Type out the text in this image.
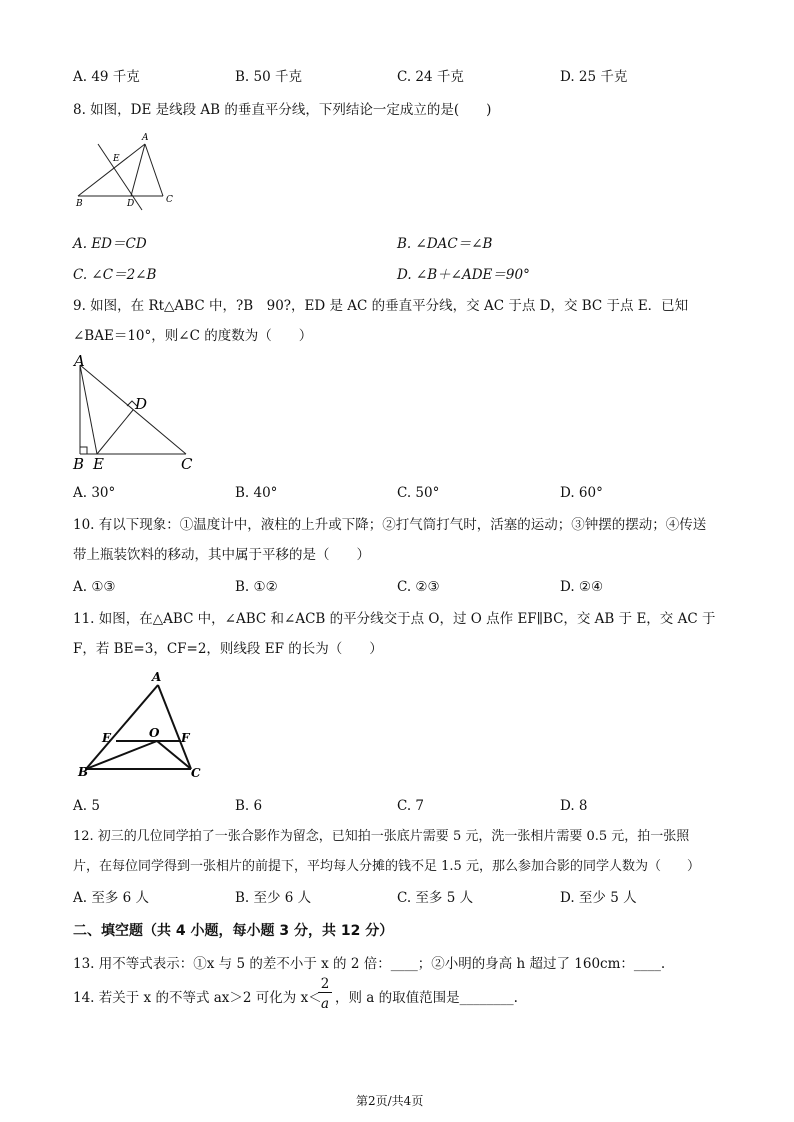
A. 49 千克	B. 50 千克	C. 24 千克	D. 25 千克
8. 如图，DE 是线段 AB 的垂直平分线，下列结论一定成立的是(　　)
A
B	C
D
E
A. ED＝CD	B. ∠DAC＝∠B
C. ∠C＝2∠B	D. ∠B＋∠ADE＝90°
9. 如图，在 Rt△ABC 中，?B　90?，ED 是 AC 的垂直平分线，交 AC 于点 D，交 BC 于点 E．已知
∠BAE＝10°，则∠C 的度数为（　　）
A
B E	C
D
A. 30°	B. 40°	C. 50°	D. 60°
10. 有以下现象：①温度计中，液柱的上升或下降；②打气筒打气时，活塞的运动；③钟摆的摆动；④传送
带上瓶装饮料的移动，其中属于平移的是（　　）
A. ①③	B. ①②	C. ②③	D. ②④
11. 如图，在△ABC 中，∠ABC 和∠ACB 的平分线交于点 O，过 O 点作 EF∥BC，交 AB 于 E，交 AC 于
F，若 BE=3，CF=2，则线段 EF 的长为（　　）
A
E	O F
B	C
A. 5	B. 6	C. 7	D. 8
12. 初三的几位同学拍了一张合影作为留念，已知拍一张底片需要 5 元，洗一张相片需要 0.5 元，拍一张照
片，在每位同学得到一张相片的前提下，平均每人分摊的钱不足 1.5 元，那么参加合影的同学人数为（　　）
A. 至多 6 人	B. 至少 6 人	C. 至多 5 人	D. 至少 5 人
二、填空题（共 4 小题，每小题 3 分，共 12 分）
13. 用不等式表示：①x 与 5 的差不小于 x 的 2 倍：____；②小明的身高 h 超过了 160cm：____.
14. 若关于 x 的不等式 ax＞2 可化为 x＜
2
a ，则 a 的取值范围是________.
第2页/共4页
